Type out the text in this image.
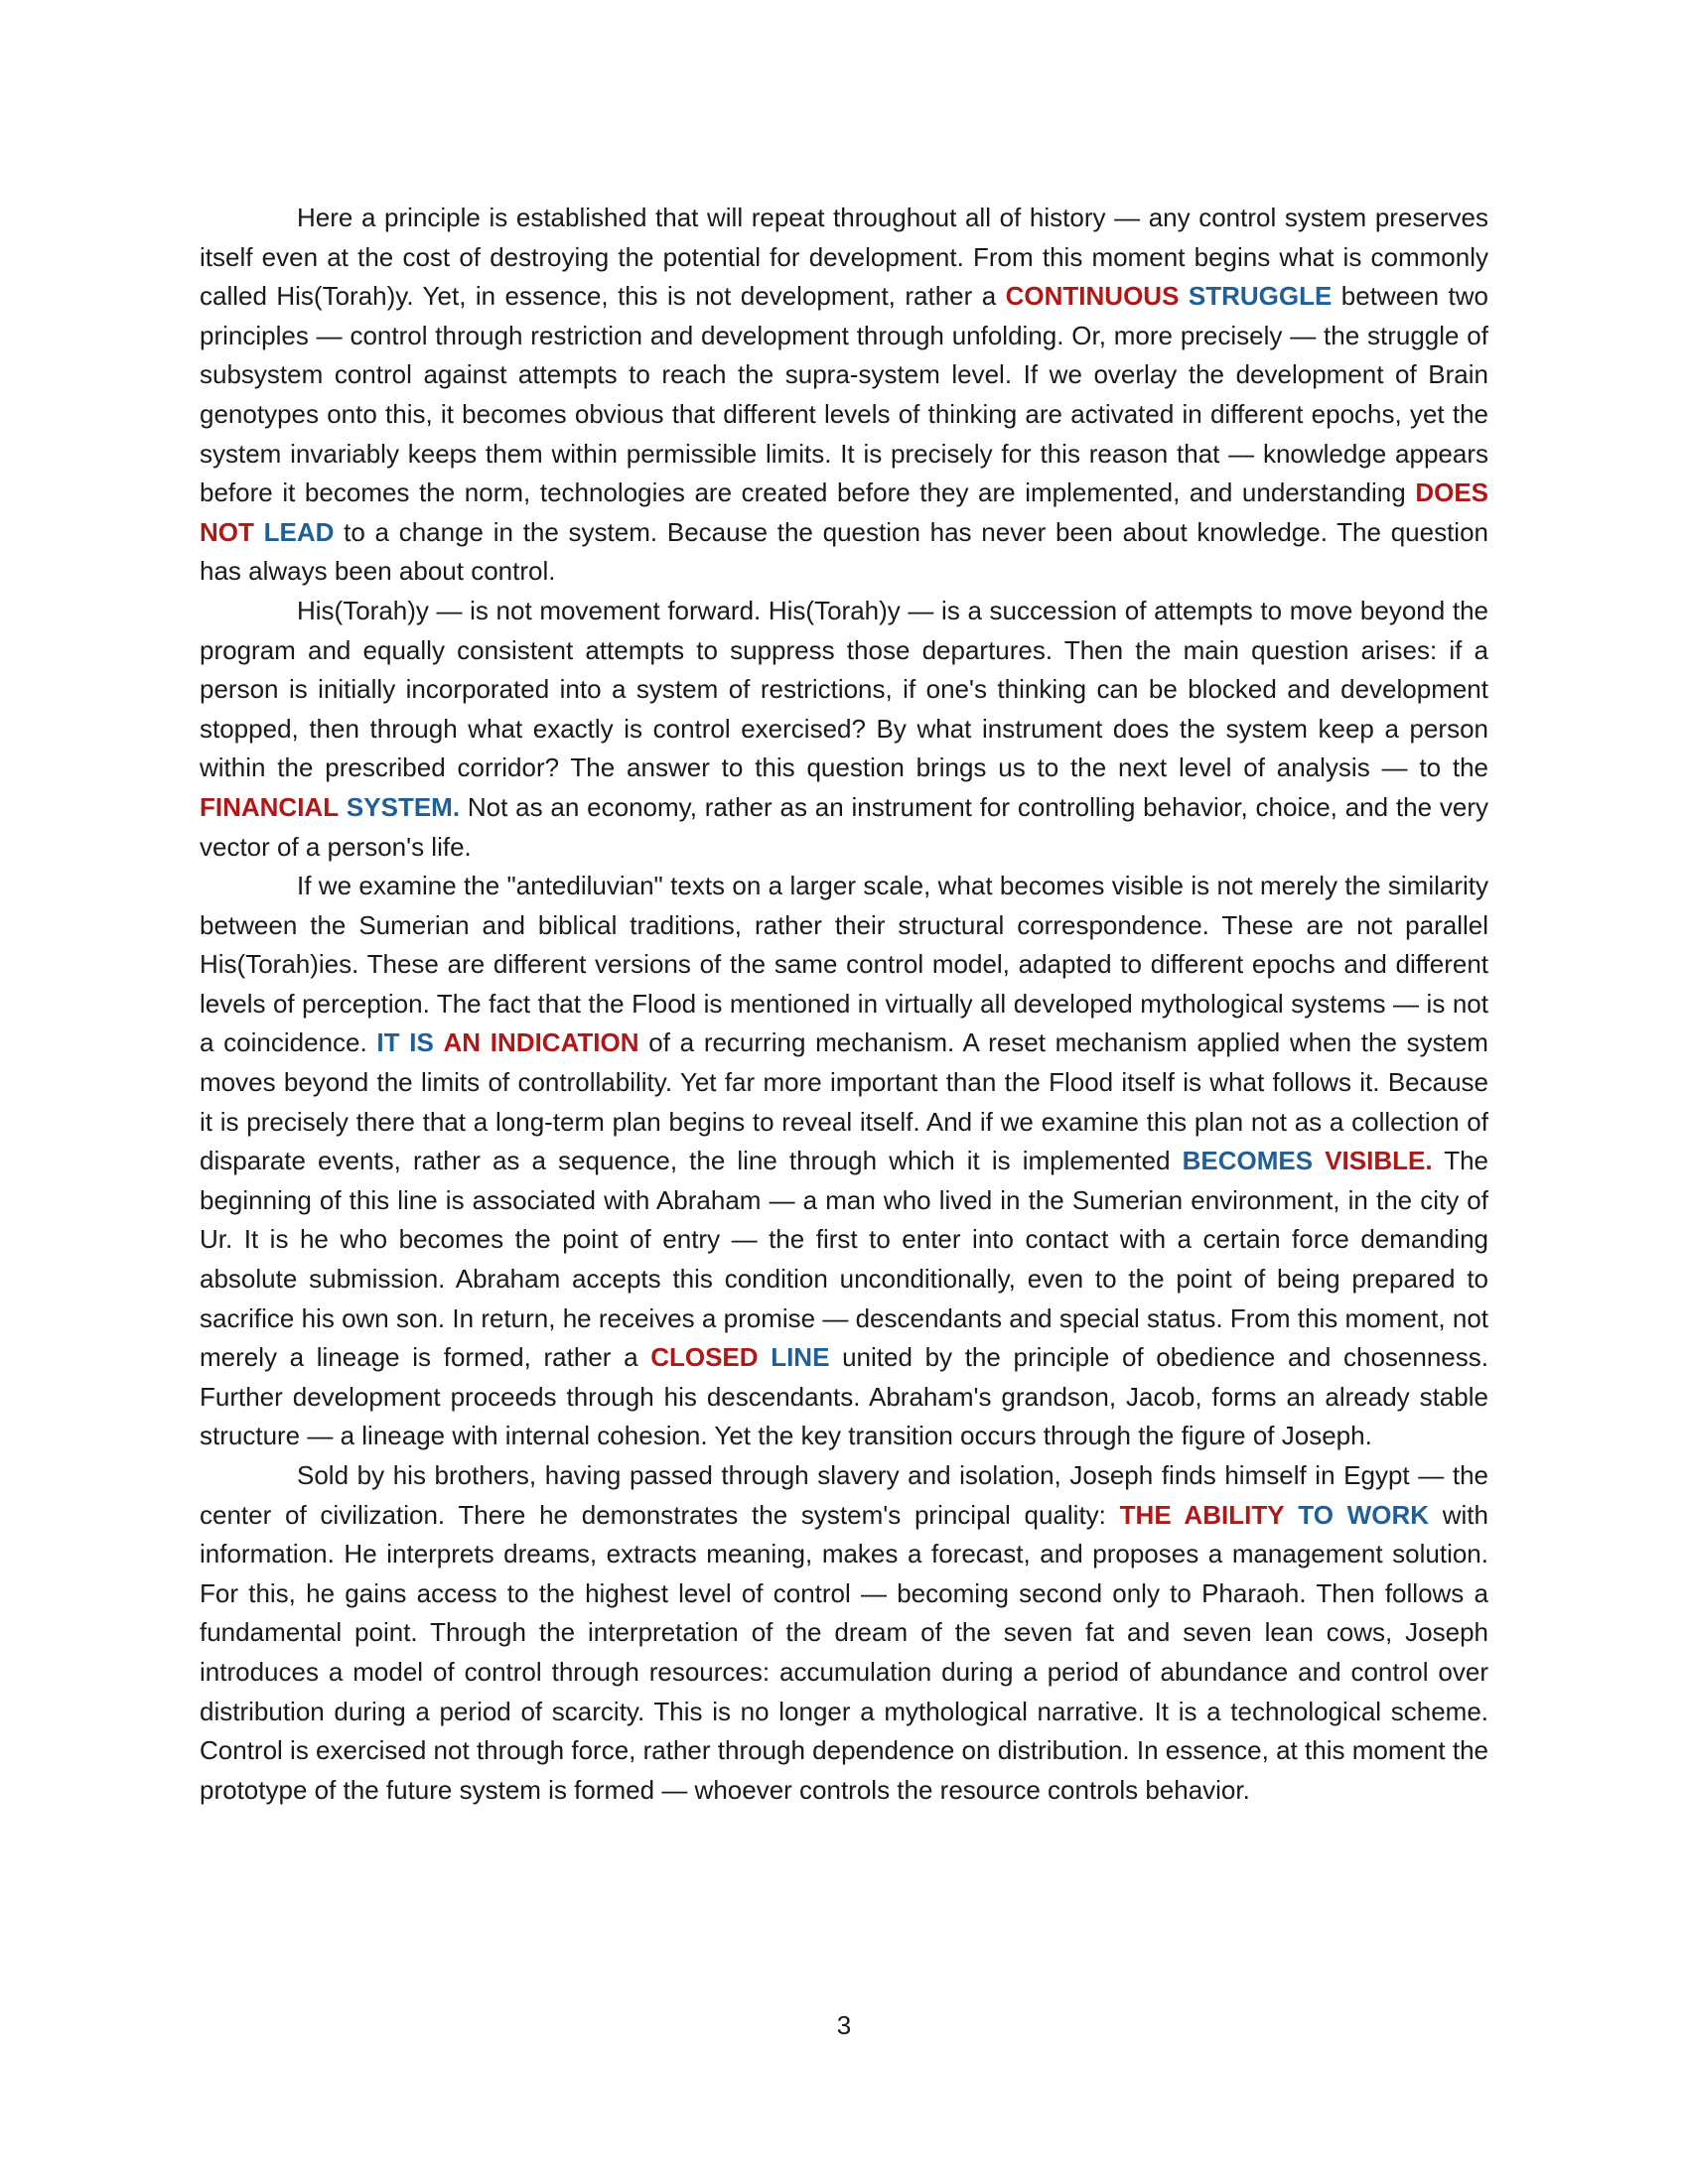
Here a principle is established that will repeat throughout all of history — any control system preserves itself even at the cost of destroying the potential for development. From this moment begins what is commonly called His(Torah)y. Yet, in essence, this is not development, rather a CONTINUOUS STRUGGLE between two principles — control through restriction and development through unfolding. Or, more precisely — the struggle of subsystem control against attempts to reach the supra-system level. If we overlay the development of Brain genotypes onto this, it becomes obvious that different levels of thinking are activated in different epochs, yet the system invariably keeps them within permissible limits. It is precisely for this reason that — knowledge appears before it becomes the norm, technologies are created before they are implemented, and understanding DOES NOT LEAD to a change in the system. Because the question has never been about knowledge. The question has always been about control.

His(Torah)y — is not movement forward. His(Torah)y — is a succession of attempts to move beyond the program and equally consistent attempts to suppress those departures. Then the main question arises: if a person is initially incorporated into a system of restrictions, if one's thinking can be blocked and development stopped, then through what exactly is control exercised? By what instrument does the system keep a person within the prescribed corridor? The answer to this question brings us to the next level of analysis — to the FINANCIAL SYSTEM. Not as an economy, rather as an instrument for controlling behavior, choice, and the very vector of a person's life.

If we examine the "antediluvian" texts on a larger scale, what becomes visible is not merely the similarity between the Sumerian and biblical traditions, rather their structural correspondence. These are not parallel His(Torah)ies. These are different versions of the same control model, adapted to different epochs and different levels of perception. The fact that the Flood is mentioned in virtually all developed mythological systems — is not a coincidence. IT IS AN INDICATION of a recurring mechanism. A reset mechanism applied when the system moves beyond the limits of controllability. Yet far more important than the Flood itself is what follows it. Because it is precisely there that a long-term plan begins to reveal itself. And if we examine this plan not as a collection of disparate events, rather as a sequence, the line through which it is implemented BECOMES VISIBLE. The beginning of this line is associated with Abraham — a man who lived in the Sumerian environment, in the city of Ur. It is he who becomes the point of entry — the first to enter into contact with a certain force demanding absolute submission. Abraham accepts this condition unconditionally, even to the point of being prepared to sacrifice his own son. In return, he receives a promise — descendants and special status. From this moment, not merely a lineage is formed, rather a CLOSED LINE united by the principle of obedience and chosenness. Further development proceeds through his descendants. Abraham's grandson, Jacob, forms an already stable structure — a lineage with internal cohesion. Yet the key transition occurs through the figure of Joseph.

Sold by his brothers, having passed through slavery and isolation, Joseph finds himself in Egypt — the center of civilization. There he demonstrates the system's principal quality: THE ABILITY TO WORK with information. He interprets dreams, extracts meaning, makes a forecast, and proposes a management solution. For this, he gains access to the highest level of control — becoming second only to Pharaoh. Then follows a fundamental point. Through the interpretation of the dream of the seven fat and seven lean cows, Joseph introduces a model of control through resources: accumulation during a period of abundance and control over distribution during a period of scarcity. This is no longer a mythological narrative. It is a technological scheme. Control is exercised not through force, rather through dependence on distribution. In essence, at this moment the prototype of the future system is formed — whoever controls the resource controls behavior.

3
